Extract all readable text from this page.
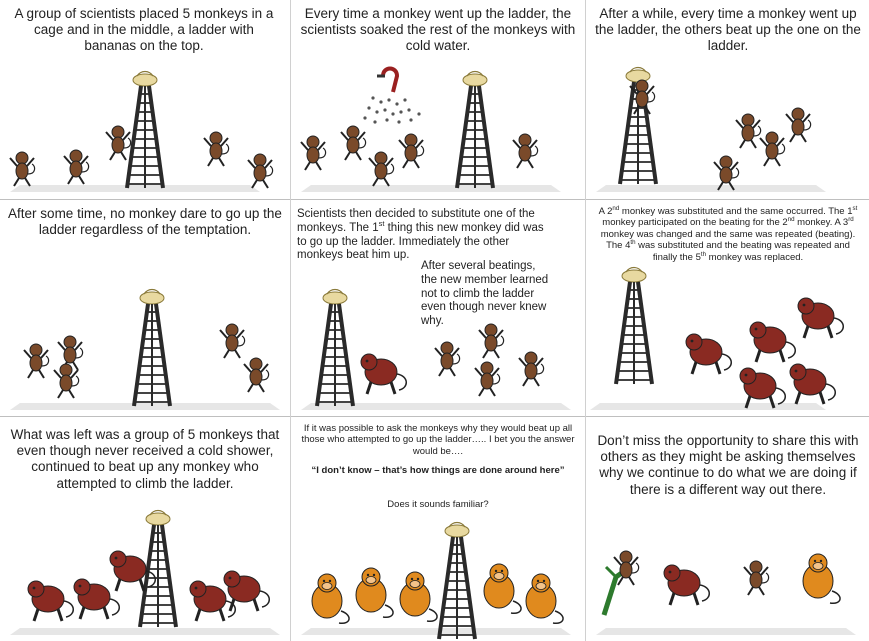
A group of scientists placed 5 monkeys in a cage and in the middle, a ladder with bananas on the top.
Every time a monkey went up the ladder, the scientists soaked the rest of the monkeys with cold water.
After a while, every time a monkey went up the ladder, the others beat up the one on the ladder.
After some time, no monkey dare to go up the ladder regardless of the temptation.
Scientists then decided to substitute one of the monkeys. The 1st thing this new monkey did was to go up the ladder. Immediately the other monkeys beat him up.
After several beatings, the new member learned not to climb the ladder even though never knew why.
A 2nd monkey was substituted and the same occurred. The 1st monkey participated on the beating for the 2nd monkey. A 3rd monkey was changed and the same was repeated (beating). The 4th was substituted and the beating was repeated and finally the 5th monkey was replaced.
What was left was a group of 5 monkeys that even though never received a cold shower, continued to beat up any monkey who attempted to climb the ladder.
If it was possible to ask the monkeys why they would beat up all those who attempted to go up the ladder….. I bet you the answer would be….
“I don’t know – that’s how things are done around here”
Does it sounds familiar?
Don’t miss the opportunity to share this with others as they might be asking themselves why we continue to do what we are doing if there is a different way out there.
